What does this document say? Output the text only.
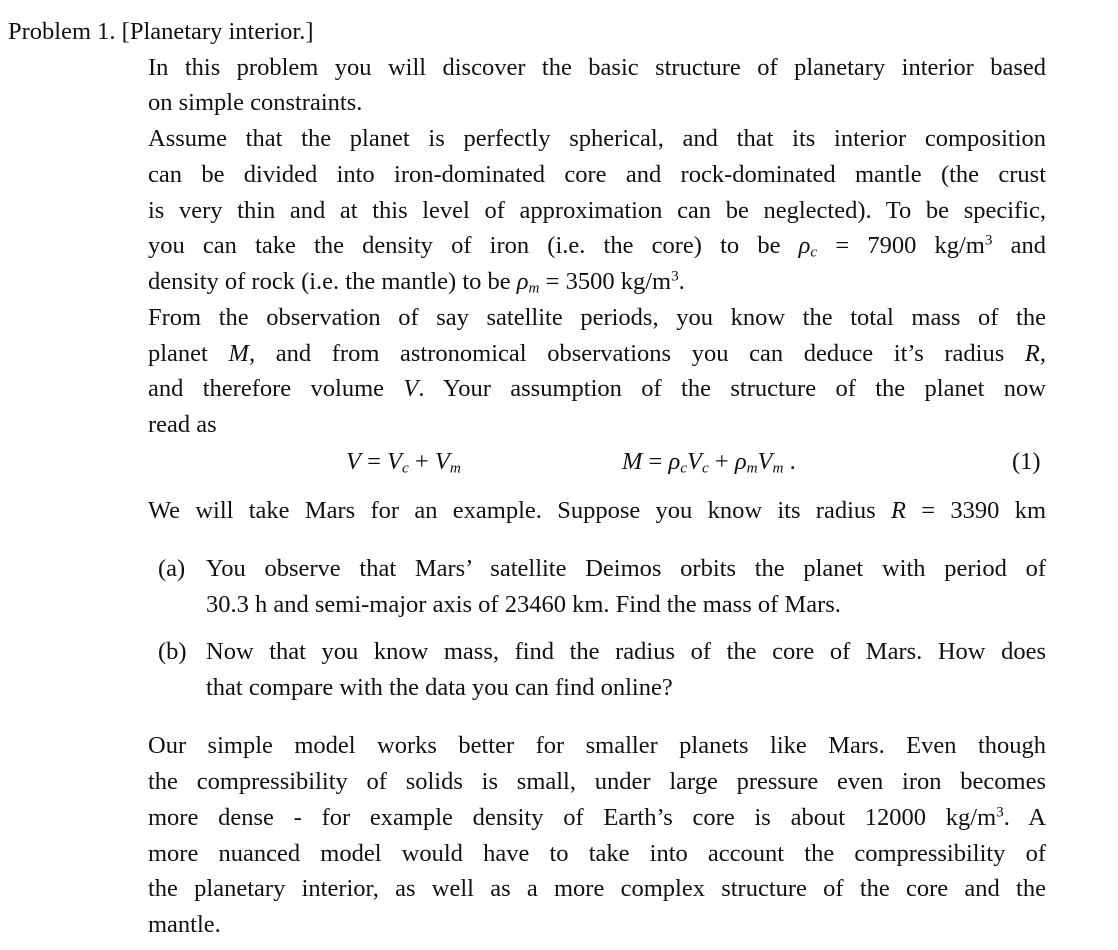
Problem 1. [Planetary interior.]
In this problem you will discover the basic structure of planetary interior based
on simple constraints.
Assume that the planet is perfectly spherical, and that its interior composition
can be divided into iron-dominated core and rock-dominated mantle (the crust
is very thin and at this level of approximation can be neglected). To be specific,
you can take the density of iron (i.e. the core) to be $\rho_c = 7900$ $kg/m^3$ and
density of rock (i.e. the mantle) to be $\rho_m = 3500$ $kg/m^3$.
From the observation of say satellite periods, you know the total mass of the
planet M, and from astronomical observations you can deduce it’s radius R,
and therefore volume V. Your assumption of the structure of the planet now
read as
$V = V_c + V_m$	$M = \rho_cV_c + \rho_mV_m$ .	(1)
We will take Mars for an example. Suppose you know its radius R = 3390 km
(a) You observe that Mars’ satellite Deimos orbits the planet with period of
30.3 h and semi-major axis of 23460 km. Find the mass of Mars.
(b) Now that you know mass, find the radius of the core of Mars. How does
that compare with the data you can find online?
Our simple model works better for smaller planets like Mars. Even though
the compressibility of solids is small, under large pressure even iron becomes
more dense - for example density of Earth’s core is about 12000 $kg/m^3$. A
more nuanced model would have to take into account the compressibility of
the planetary interior, as well as a more complex structure of the core and the
mantle.
